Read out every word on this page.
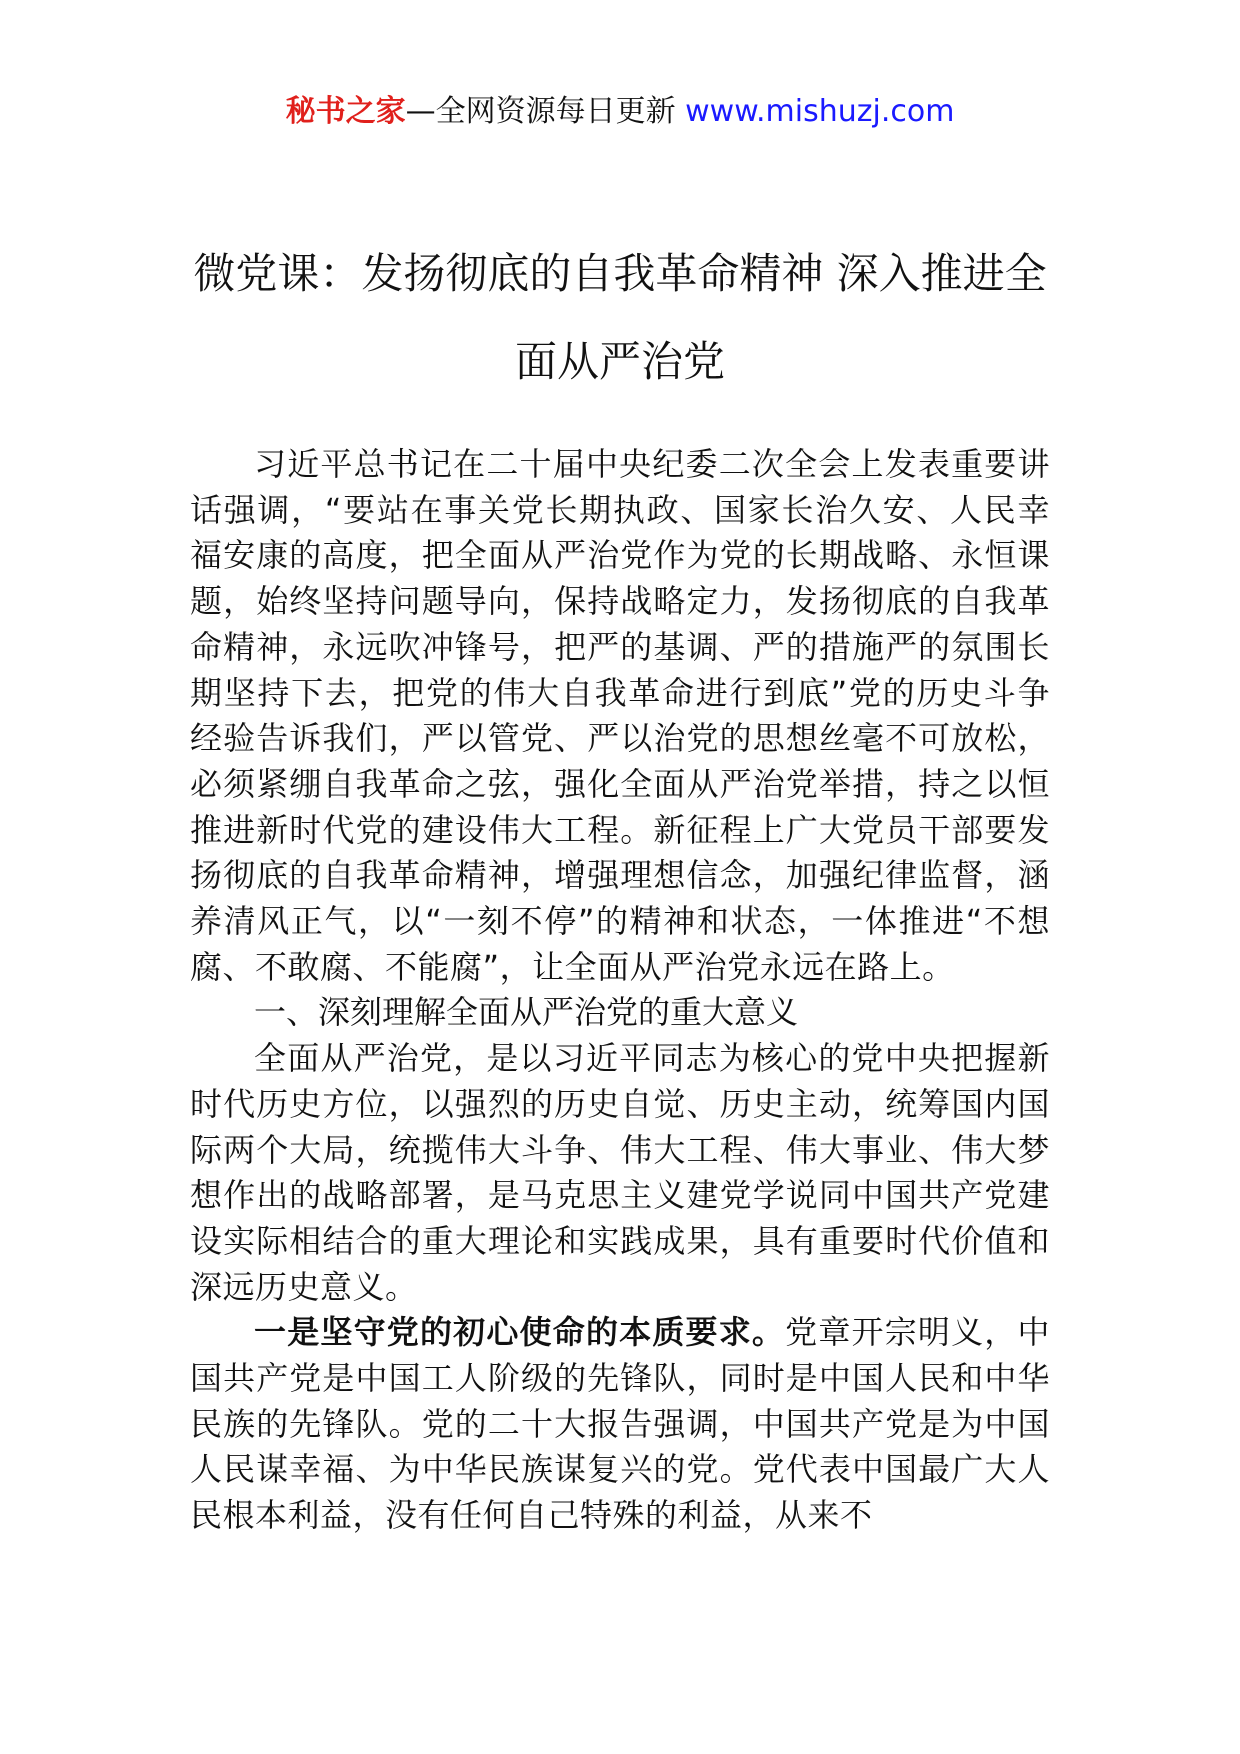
秘书之家—全网资源每日更新 www.mishuzj.com
微党课：发扬彻底的自我革命精神 深入推进全面从严治党

习近平总书记在二十届中央纪委二次全会上发表重要讲话强调，“要站在事关党长期执政、国家长治久安、人民幸福安康的高度，把全面从严治党作为党的长期战略、永恒课题，始终坚持问题导向，保持战略定力，发扬彻底的自我革命精神，永远吹冲锋号，把严的基调、严的措施严的氛围长期坚持下去，把党的伟大自我革命进行到底”党的历史斗争经验告诉我们，严以管党、严以治党的思想丝毫不可放松，必须紧绷自我革命之弦，强化全面从严治党举措，持之以恒推进新时代党的建设伟大工程。新征程上广大党员干部要发扬彻底的自我革命精神，增强理想信念，加强纪律监督，涵养清风正气，以“一刻不停”的精神和状态，一体推进“不想腐、不敢腐、不能腐”，让全面从严治党永远在路上。

一、深刻理解全面从严治党的重大意义

全面从严治党，是以习近平同志为核心的党中央把握新时代历史方位，以强烈的历史自觉、历史主动，统筹国内国际两个大局，统揽伟大斗争、伟大工程、伟大事业、伟大梦想作出的战略部署，是马克思主义建党学说同中国共产党建设实际相结合的重大理论和实践成果，具有重要时代价值和深远历史意义。

一是坚守党的初心使命的本质要求。党章开宗明义，中国共产党是中国工人阶级的先锋队，同时是中国人民和中华民族的先锋队。党的二十大报告强调，中国共产党是为中国人民谋幸福、为中华民族谋复兴的党。党代表中国最广大人民根本利益，没有任何自己特殊的利益，从来不
